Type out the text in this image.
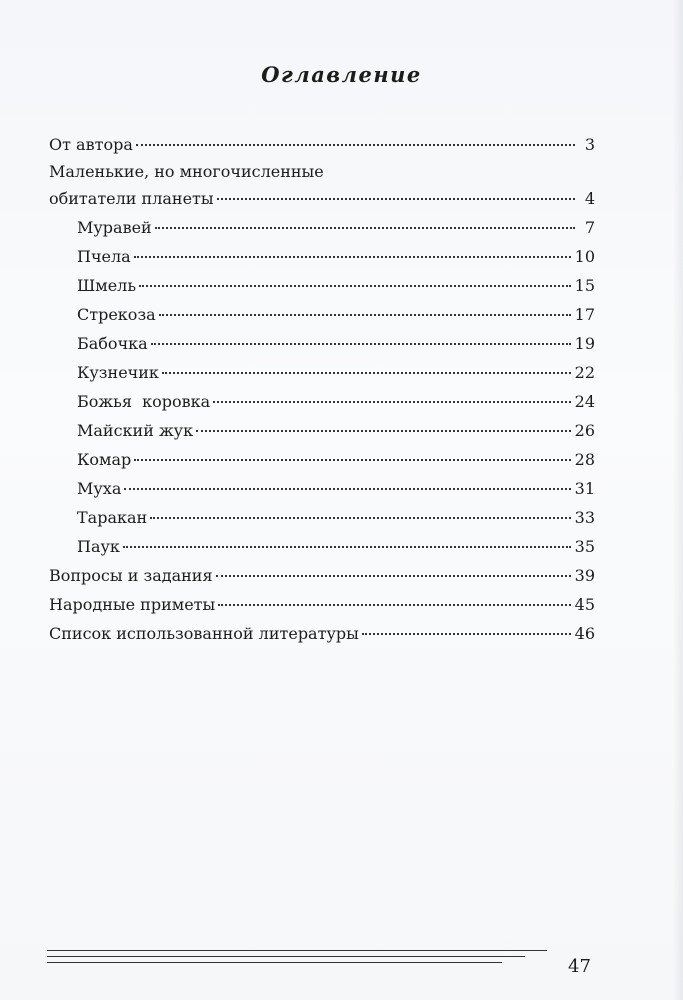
Оглавление
От автора	3
Маленькие, но многочисленные
обитатели планеты	4
Муравей	7
Пчела	10
Шмель	15
Стрекоза	17
Бабочка	19
Кузнечик	22
Божья  коровка	24
Майский жук	26
Комар	28
Муха	31
Таракан	33
Паук	35
Вопросы и задания	39
Народные приметы	45
Список использованной литературы	46
47
